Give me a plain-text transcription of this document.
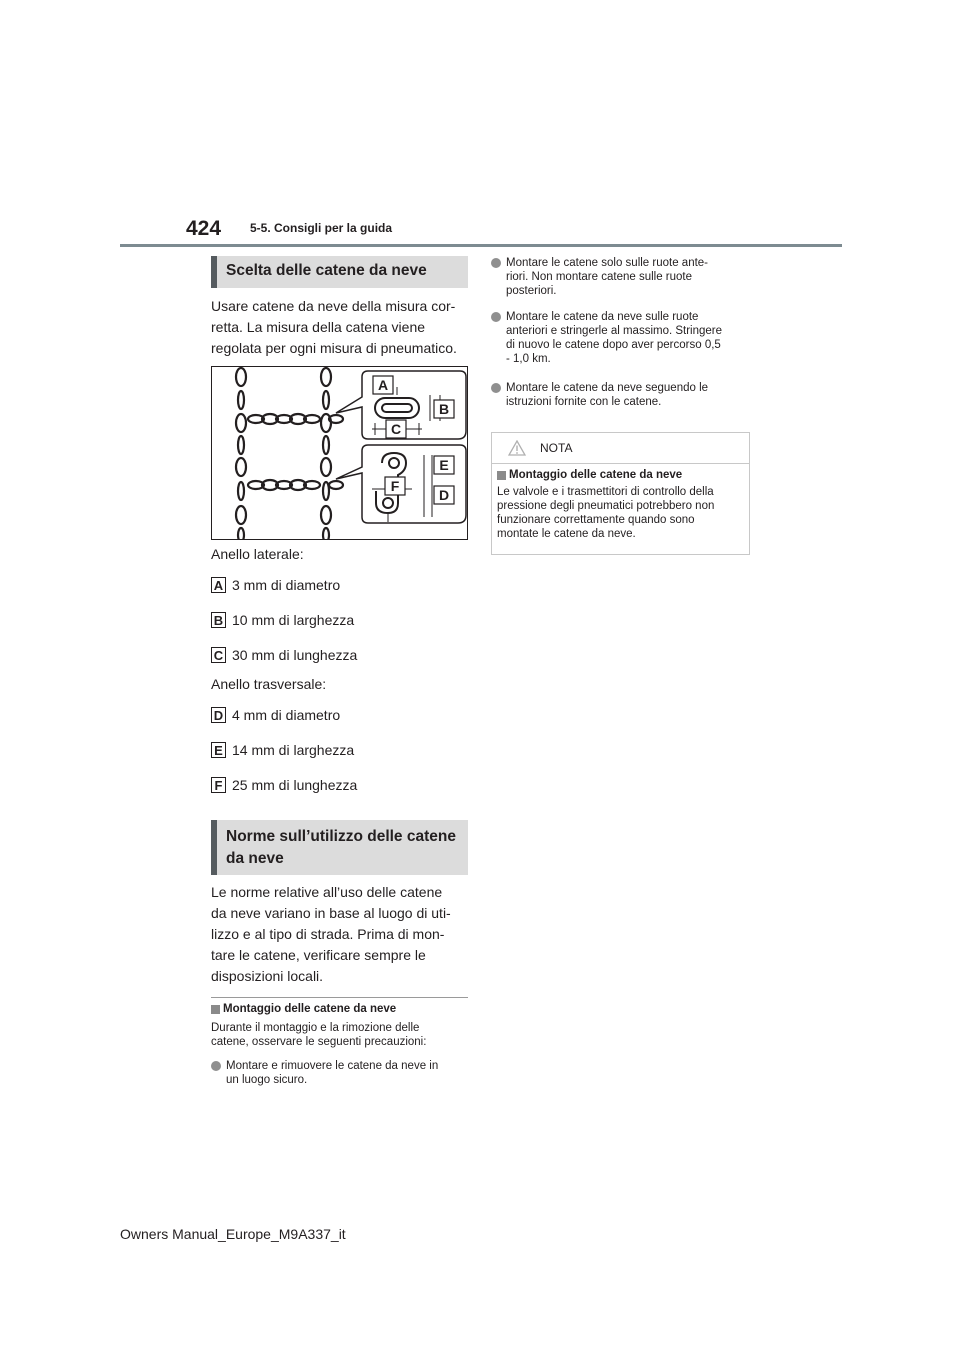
424 5-5. Consigli per la guida
Scelta delle catene da neve
Usare catene da neve della misura cor-
retta. La misura della catena viene
regolata per ogni misura di pneumatico.
A
B
C
E
F
D
Anello laterale:
A 3 mm di diametro
B 10 mm di larghezza
C 30 mm di lunghezza
Anello trasversale:
D 4 mm di diametro
E 14 mm di larghezza
F 25 mm di lunghezza
Norme sull’utilizzo delle catene
da neve
Le norme relative all’uso delle catene
da neve variano in base al luogo di uti-
lizzo e al tipo di strada. Prima di mon-
tare le catene, verificare sempre le
disposizioni locali.
Montaggio delle catene da neve
Durante il montaggio e la rimozione delle
catene, osservare le seguenti precauzioni:
Montare e rimuovere le catene da neve in
un luogo sicuro.
Montare le catene solo sulle ruote ante-
riori. Non montare catene sulle ruote
posteriori.
Montare le catene da neve sulle ruote
anteriori e stringerle al massimo. Stringere
di nuovo le catene dopo aver percorso 0,5
- 1,0 km.
Montare le catene da neve seguendo le
istruzioni fornite con le catene.
NOTA
Montaggio delle catene da neve
Le valvole e i trasmettitori di controllo della
pressione degli pneumatici potrebbero non
funzionare correttamente quando sono
montate le catene da neve.
Owners Manual_Europe_M9A337_it
